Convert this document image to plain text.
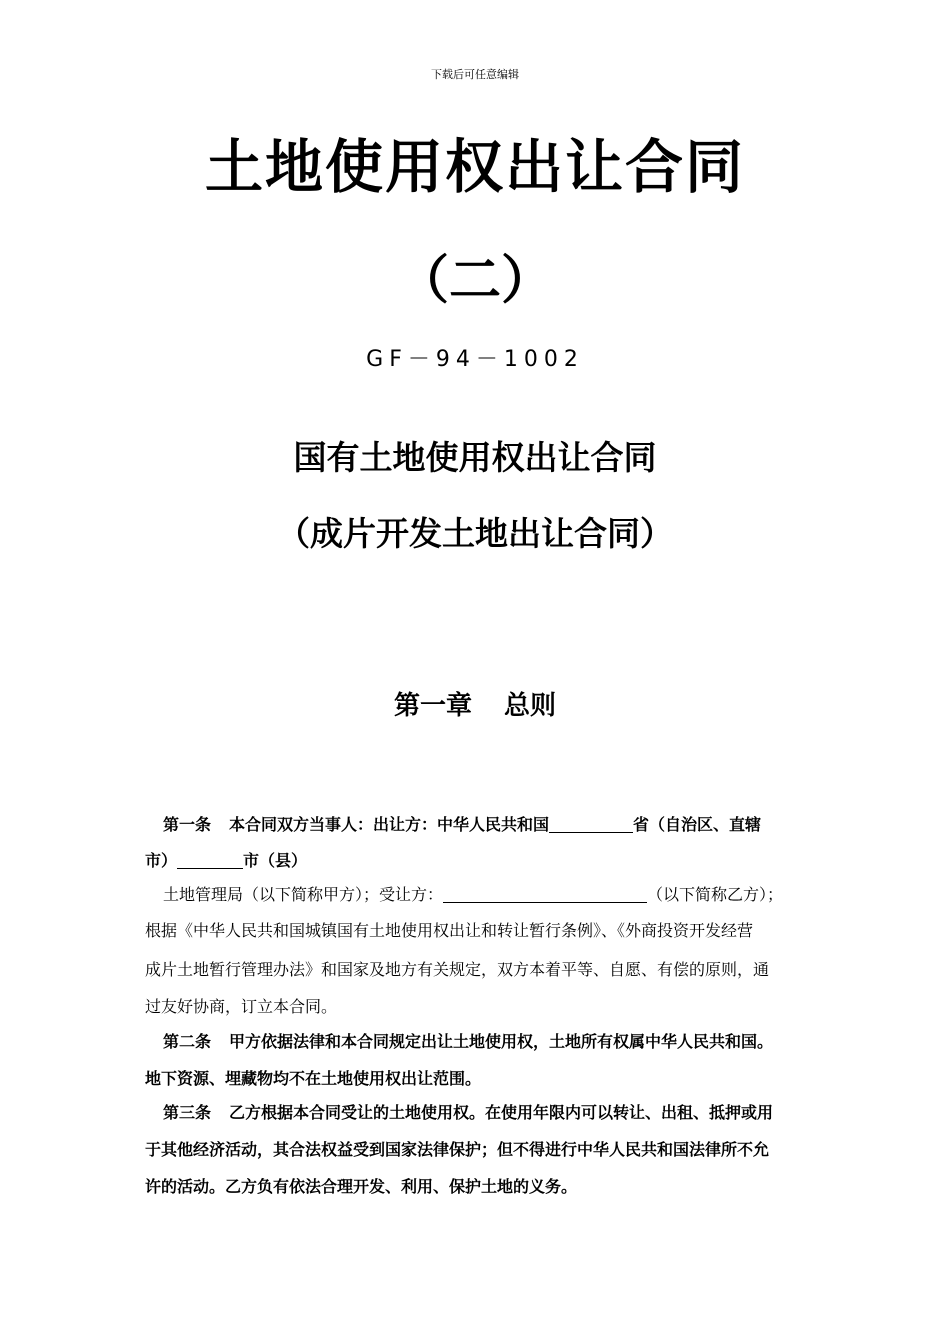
下载后可任意编辑
土地使用权出让合同
（二）
GF－94－1002
国有土地使用权出让合同
（成片开发土地出让合同）
第一章 总则
第一条 本合同双方当事人：出让方：中华人民共和国	省（自治区、直辖
市）	市（县）
土地管理局（以下简称甲方）；受让方：	（以下简称乙方）；
根据《中华人民共和国城镇国有土地使用权出让和转让暂行条例》、《外商投资开发经营
成片土地暂行管理办法》和国家及地方有关规定，双方本着平等、自愿、有偿的原则，通
过友好协商，订立本合同。
第二条 甲方依据法律和本合同规定出让土地使用权，土地所有权属中华人民共和国。
地下资源、埋藏物均不在土地使用权出让范围。
第三条 乙方根据本合同受让的土地使用权。在使用年限内可以转让、出租、抵押或用
于其他经济活动，其合法权益受到国家法律保护；但不得进行中华人民共和国法律所不允
许的活动。乙方负有依法合理开发、利用、保护土地的义务。
